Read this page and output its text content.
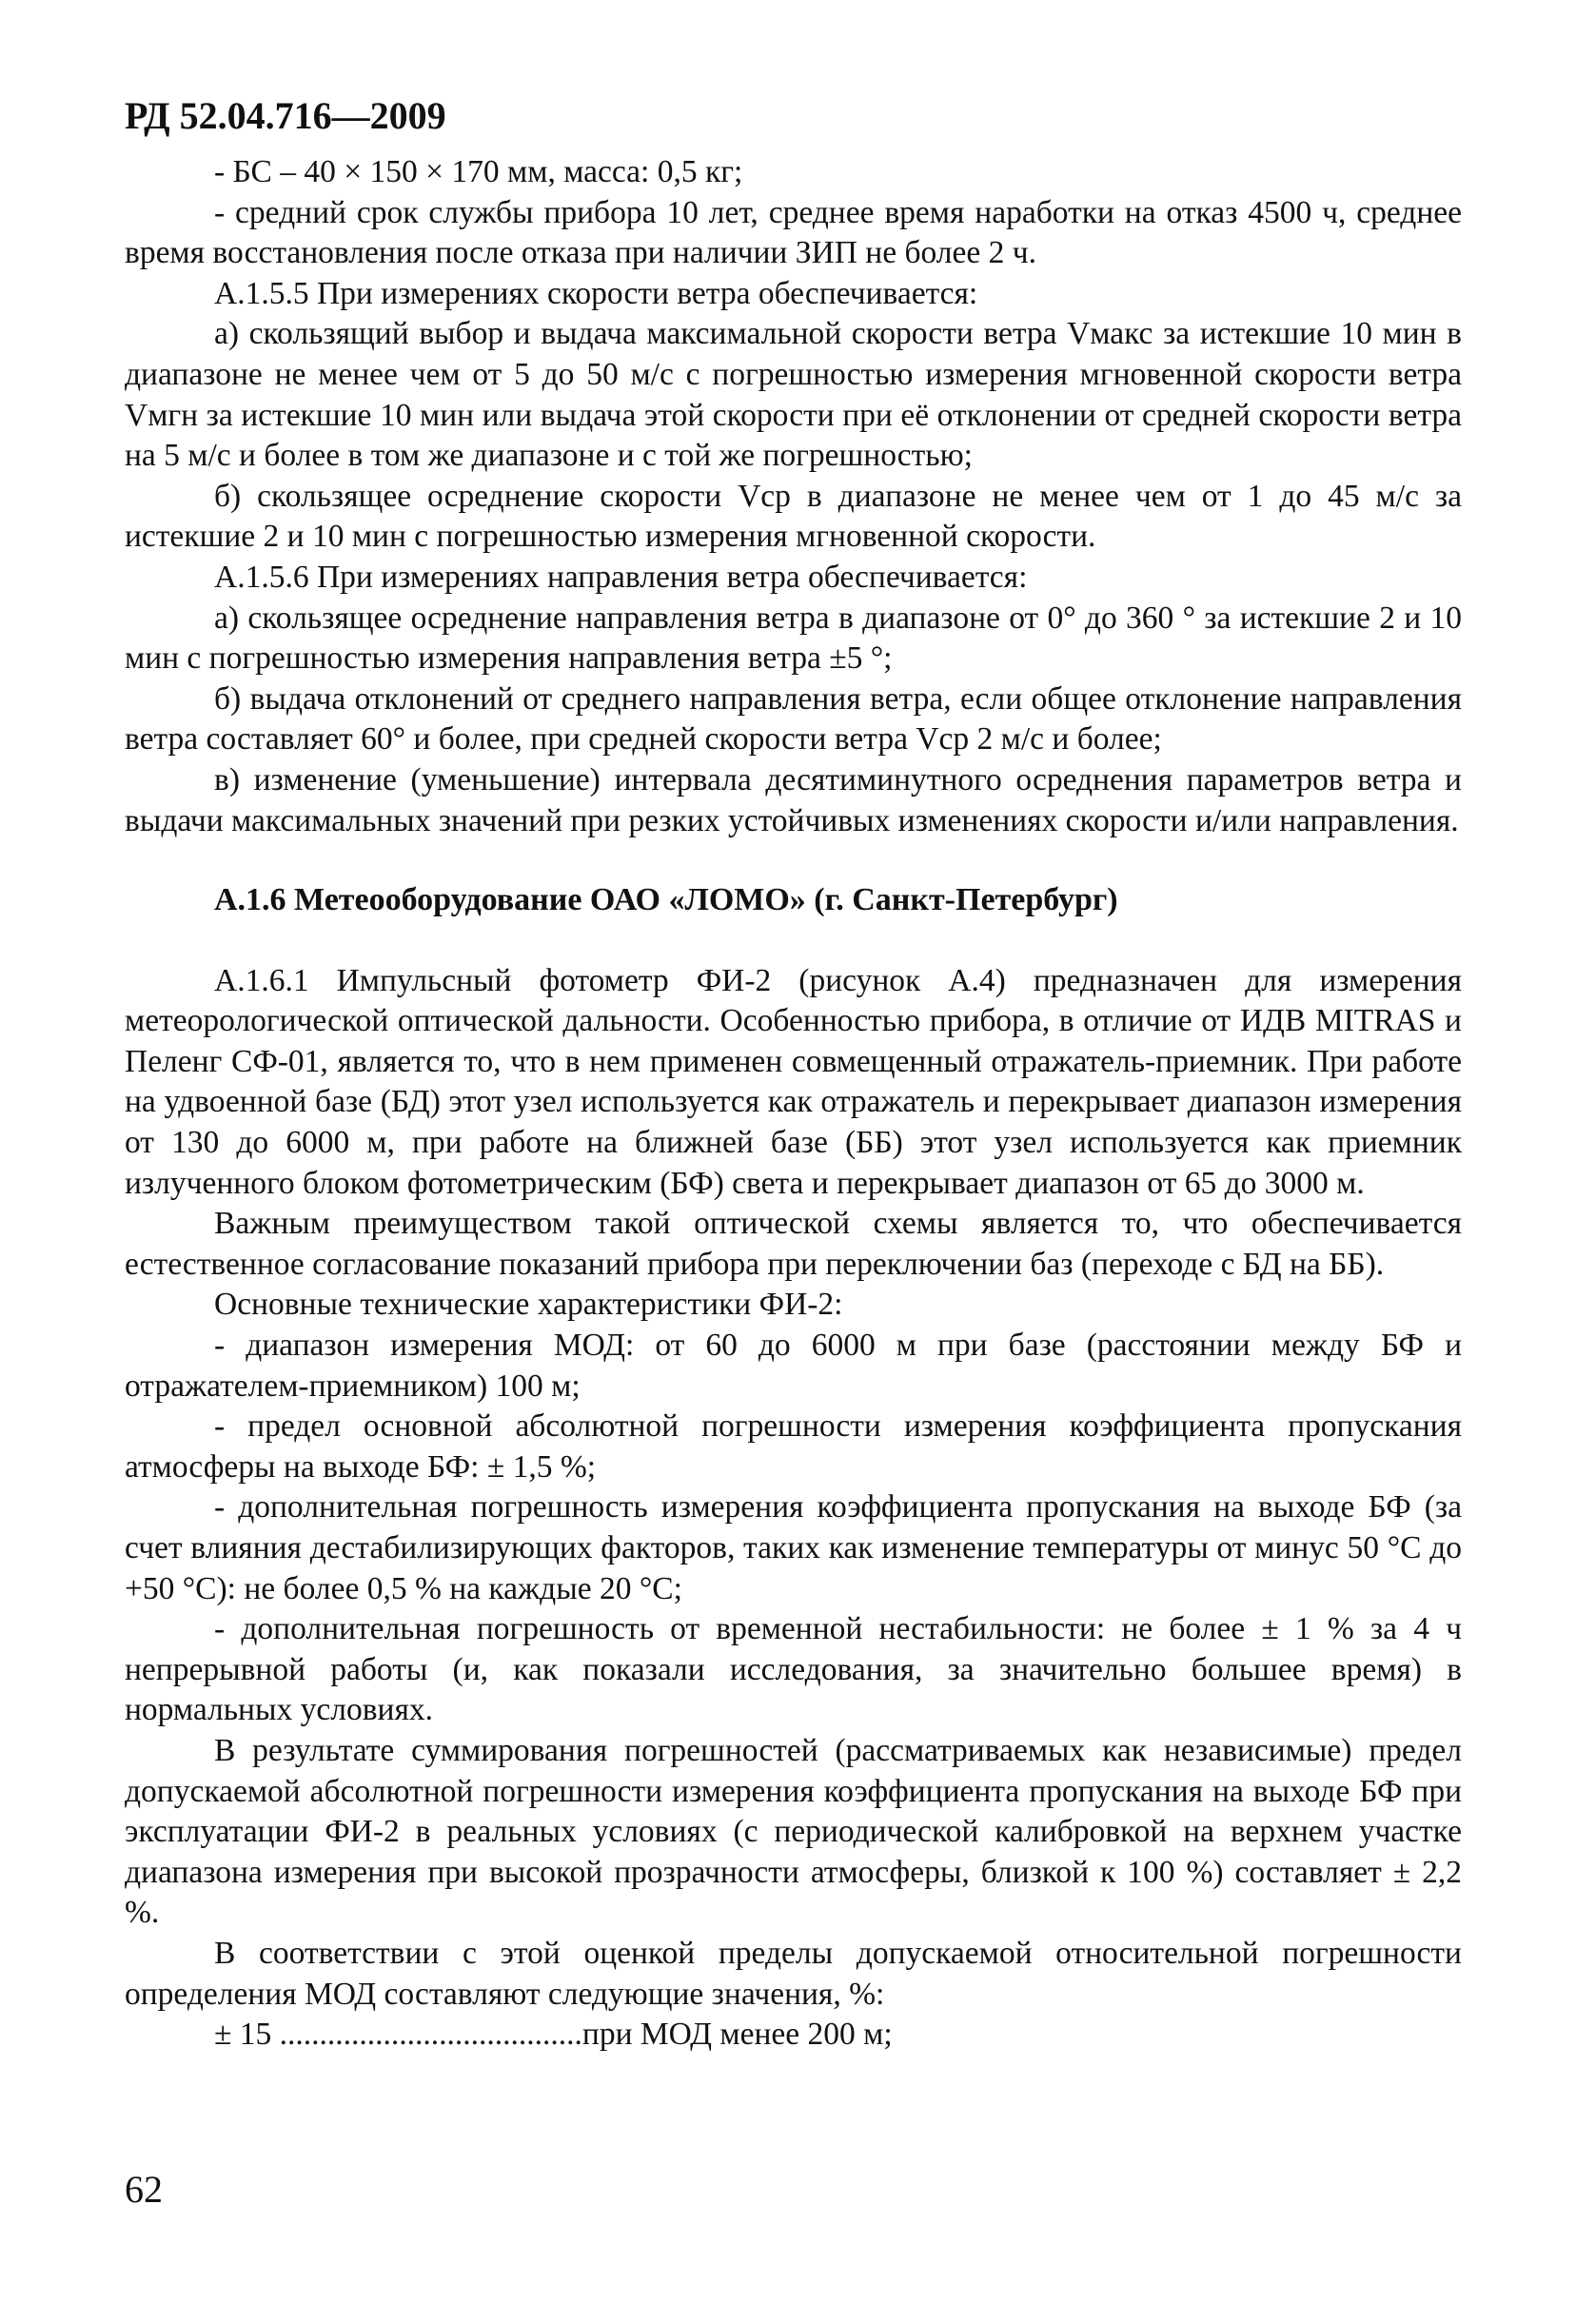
РД 52.04.716—2009

- БС – 40 × 150 × 170 мм, масса: 0,5 кг;

- средний срок службы прибора 10 лет, среднее время наработки на отказ 4500 ч, среднее время восстановления после отказа при наличии ЗИП не более 2 ч.

А.1.5.5 При измерениях скорости ветра обеспечивается:

а) скользящий выбор и выдача максимальной скорости ветра Vмакс за истекшие 10 мин в диапазоне не менее чем от 5 до 50 м/с с погрешностью измерения мгновенной скорости ветра Vмгн за истекшие 10 мин или выдача этой скорости при её отклонении от средней скорости ветра на 5 м/с и более в том же диапазоне и с той же погрешностью;

б) скользящее осреднение скорости Vср в диапазоне не менее чем от 1 до 45 м/с за истекшие 2 и 10 мин с погрешностью измерения мгновенной скорости.

А.1.5.6 При измерениях направления ветра обеспечивается:

а) скользящее осреднение направления ветра в диапазоне от 0° до 360 ° за истекшие 2 и 10 мин с погрешностью измерения направления ветра ±5 °;

б) выдача отклонений от среднего направления ветра, если общее отклонение направления ветра составляет 60° и более, при средней скорости ветра Vср 2 м/с и более;

в) изменение (уменьшение) интервала десятиминутного осреднения параметров ветра и выдачи максимальных значений при резких устойчивых изменениях скорости и/или направления.

А.1.6 Метеооборудование ОАО «ЛОМО» (г. Санкт-Петербург)

А.1.6.1 Импульсный фотометр ФИ-2 (рисунок А.4) предназначен для измерения метеорологической оптической дальности. Особенностью прибора, в отличие от ИДВ MITRAS и Пеленг СФ-01, является то, что в нем применен совмещенный отражатель-приемник. При работе на удвоенной базе (БД) этот узел используется как отражатель и перекрывает диапазон измерения от 130 до 6000 м, при работе на ближней базе (ББ) этот узел используется как приемник излученного блоком фотометрическим (БФ) света и перекрывает диапазон от 65 до 3000 м.

Важным преимуществом такой оптической схемы является то, что обеспечивается естественное согласование показаний прибора при переключении баз (переходе с БД на ББ).

Основные технические характеристики ФИ-2:

- диапазон измерения МОД: от 60 до 6000 м при базе (расстоянии между БФ и отражателем-приемником) 100 м;

- предел основной абсолютной погрешности измерения коэффициента пропускания атмосферы на выходе БФ: ± 1,5 %;

- дополнительная погрешность измерения коэффициента пропускания на выходе БФ (за счет влияния дестабилизирующих факторов, таких как изменение температуры от минус 50 °С до +50 °С): не более 0,5 % на каждые 20 °С;

- дополнительная погрешность от временной нестабильности: не более ± 1 % за 4 ч непрерывной работы (и, как показали исследования, за значительно большее время) в нормальных условиях.

В результате суммирования погрешностей (рассматриваемых как независимые) предел допускаемой абсолютной погрешности измерения коэффициента пропускания на выходе БФ при эксплуатации ФИ-2 в реальных условиях (с периодической калибровкой на верхнем участке диапазона измерения при высокой прозрачности атмосферы, близкой к 100 %) составляет ± 2,2 %.

В соответствии с этой оценкой пределы допускаемой относительной погрешности определения МОД составляют следующие значения, %:

± 15 ......................................при МОД менее 200 м;
62
